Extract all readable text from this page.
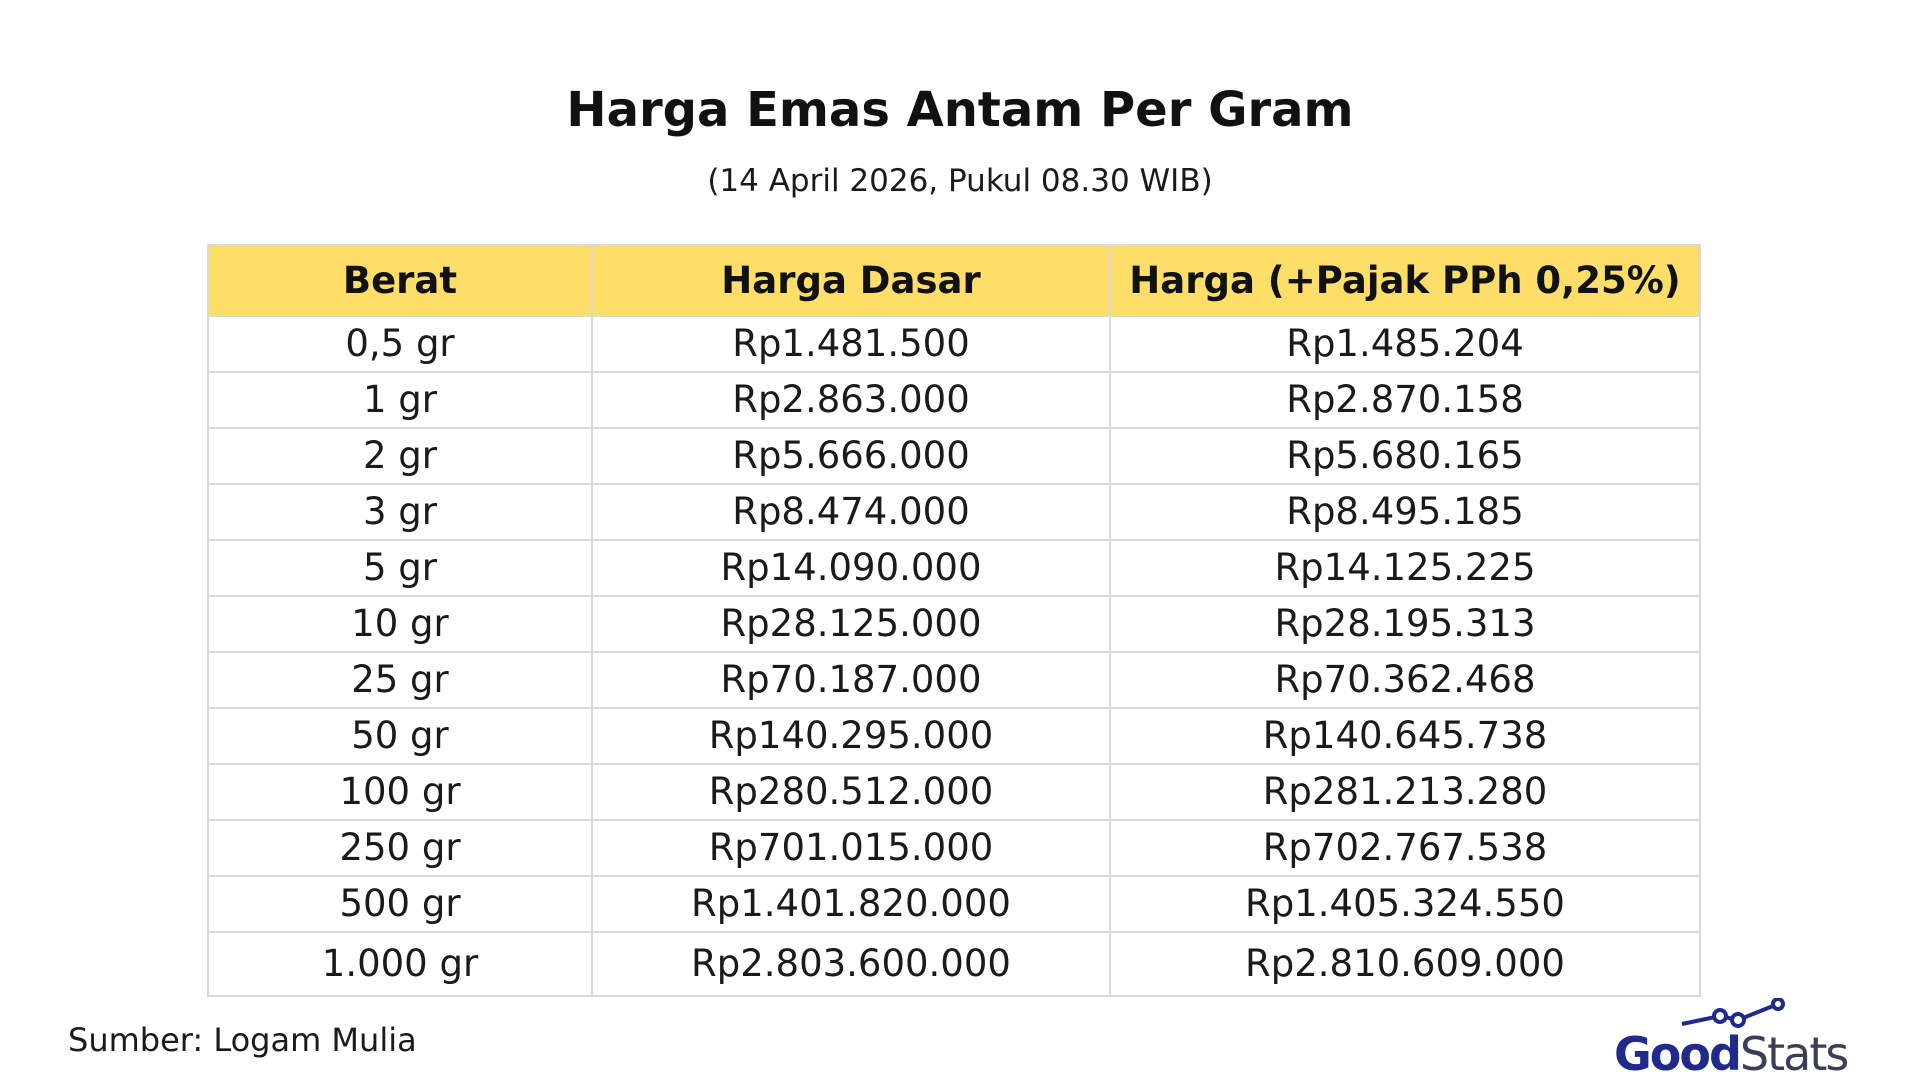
Harga Emas Antam Per Gram
(14 April 2026, Pukul 08.30 WIB)
Berat	Harga Dasar	Harga (+Pajak PPh 0,25%)
0,5 gr	Rp1.481.500	Rp1.485.204
1 gr	Rp2.863.000	Rp2.870.158
2 gr	Rp5.666.000	Rp5.680.165
3 gr	Rp8.474.000	Rp8.495.185
5 gr	Rp14.090.000	Rp14.125.225
10 gr	Rp28.125.000	Rp28.195.313
25 gr	Rp70.187.000	Rp70.362.468
50 gr	Rp140.295.000	Rp140.645.738
100 gr	Rp280.512.000	Rp281.213.280
250 gr	Rp701.015.000	Rp702.767.538
500 gr	Rp1.401.820.000	Rp1.405.324.550
1.000 gr	Rp2.803.600.000	Rp2.810.609.000
Sumber: Logam Mulia	GoodStats
